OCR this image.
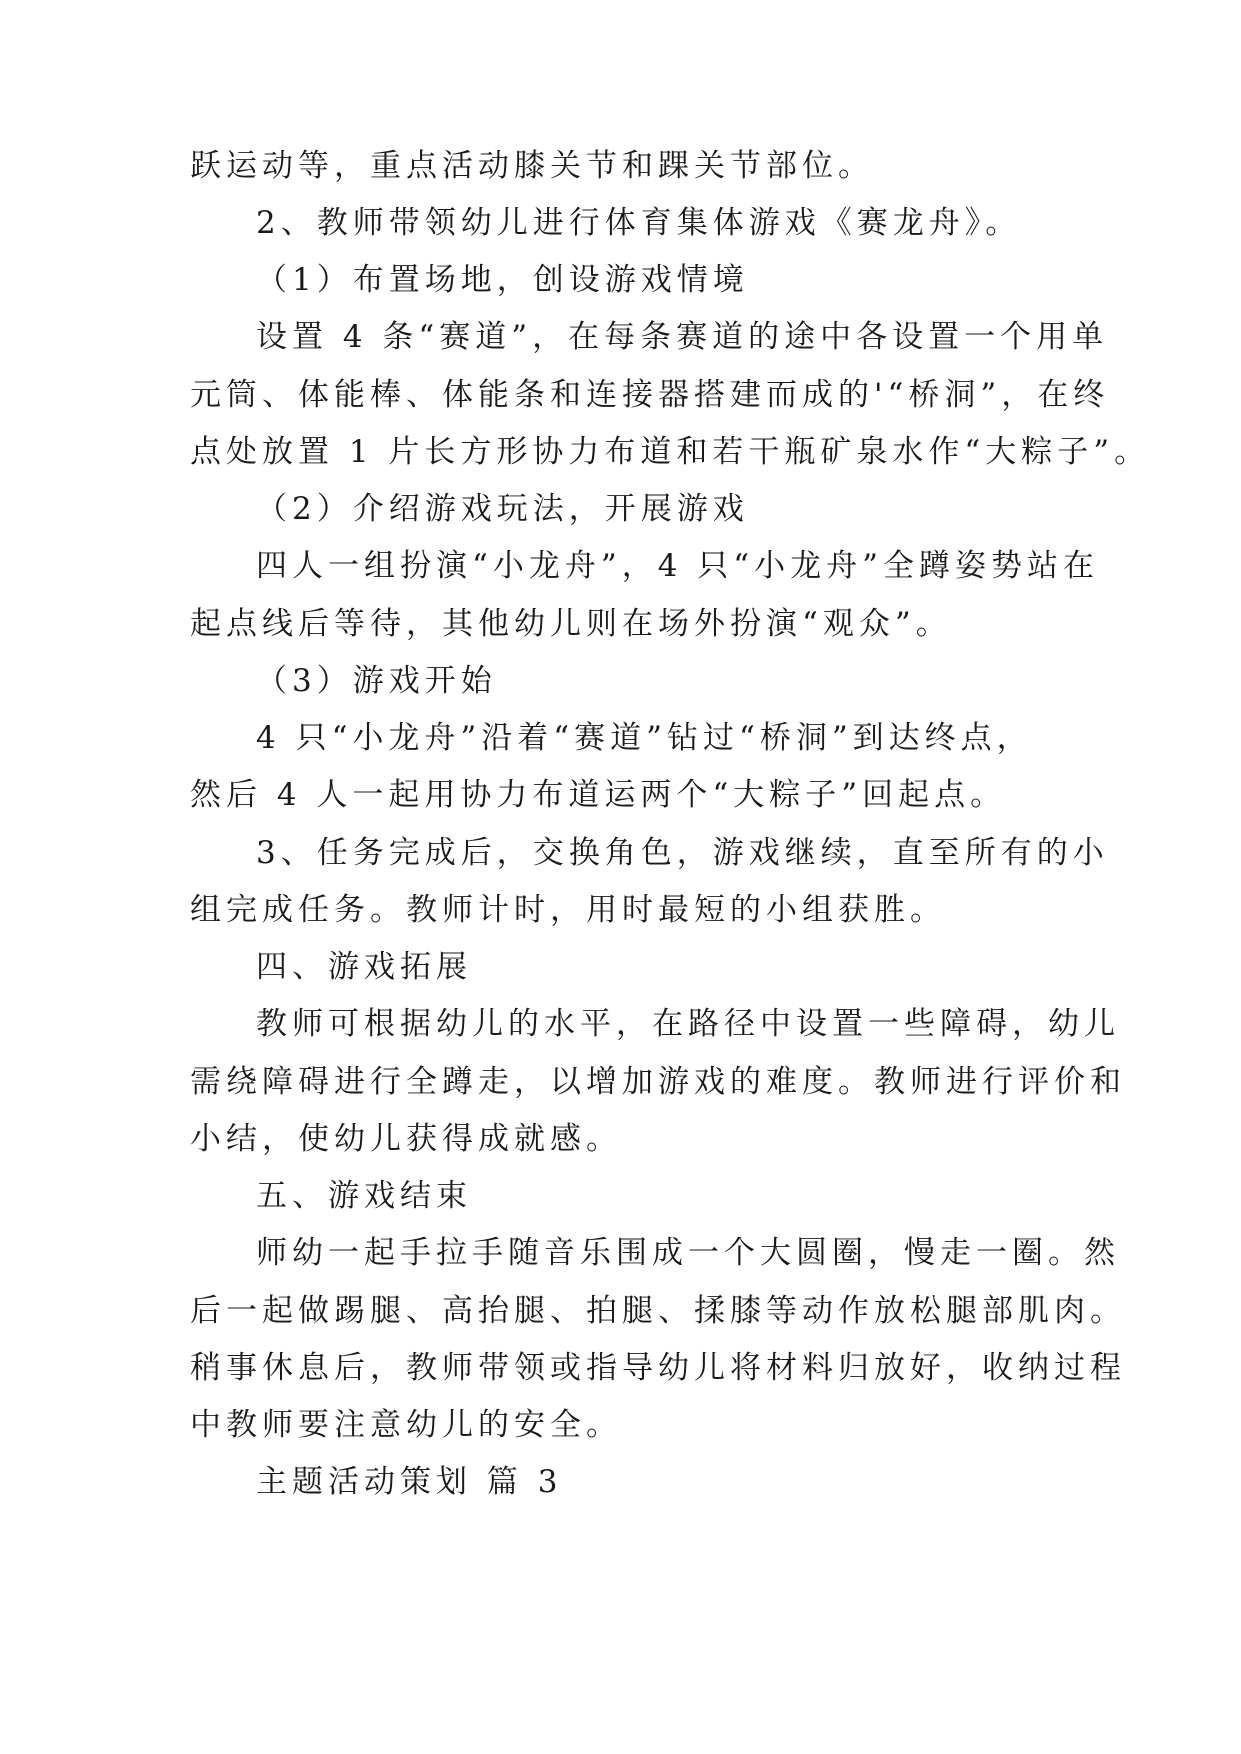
跃运动等，重点活动膝关节和踝关节部位。
2、教师带领幼儿进行体育集体游戏《赛龙舟》。
（1）布置场地，创设游戏情境
设置 4 条“赛道”，在每条赛道的途中各设置一个用单
元筒、体能棒、体能条和连接器搭建而成的'“桥洞”，在终
点处放置 1 片长方形协力布道和若干瓶矿泉水作“大粽子”。
（2）介绍游戏玩法，开展游戏
四人一组扮演“小龙舟”，4 只“小龙舟”全蹲姿势站在
起点线后等待，其他幼儿则在场外扮演“观众”。
（3）游戏开始
4 只“小龙舟”沿着“赛道”钻过“桥洞”到达终点，
然后 4 人一起用协力布道运两个“大粽子”回起点。
3、任务完成后，交换角色，游戏继续，直至所有的小
组完成任务。教师计时，用时最短的小组获胜。
四、游戏拓展
教师可根据幼儿的水平，在路径中设置一些障碍，幼儿
需绕障碍进行全蹲走，以增加游戏的难度。教师进行评价和
小结，使幼儿获得成就感。
五、游戏结束
师幼一起手拉手随音乐围成一个大圆圈，慢走一圈。然
后一起做踢腿、高抬腿、拍腿、揉膝等动作放松腿部肌肉。
稍事休息后，教师带领或指导幼儿将材料归放好，收纳过程
中教师要注意幼儿的安全。
主题活动策划 篇 3
